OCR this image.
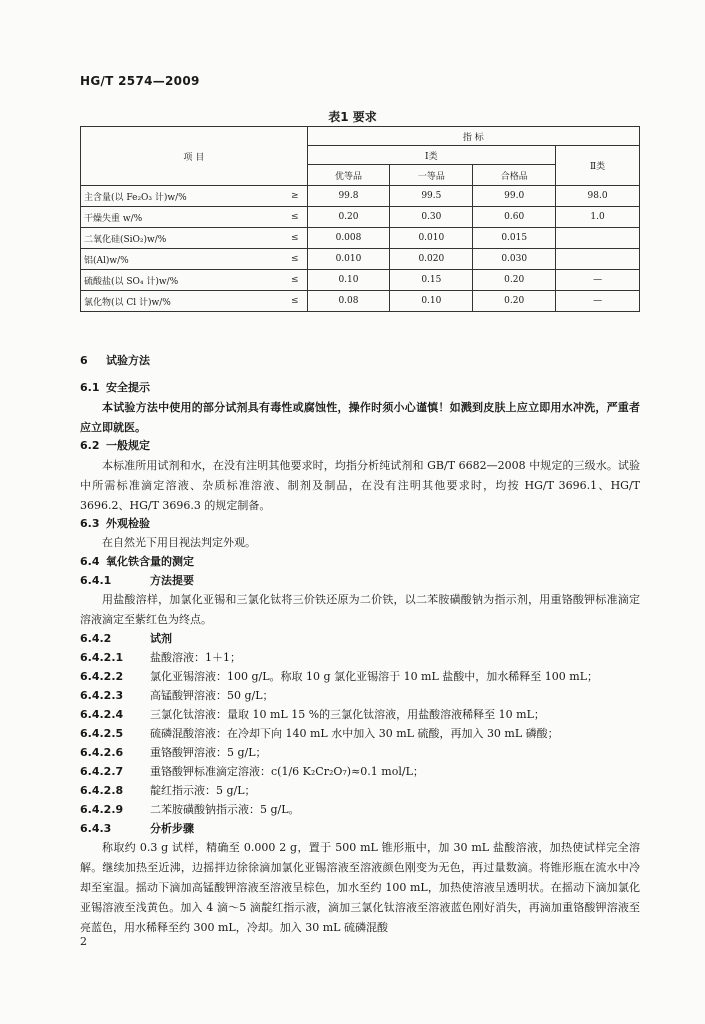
HG/T 2574—2009
表1 要求
项 目		指 标			
		Ⅰ类			Ⅱ类
		优等品	一等品	合格品	
主含量(以 Fe₂O₃ 计)w/%	≥	99.8	99.5	99.0	98.0
干燥失重 w/%	≤	0.20	0.30	0.60	1.0
二氧化硅(SiO₂)w/%	≤	0.008	0.010	0.015	
铝(Al)w/%	≤	0.010	0.020	0.030	
硫酸盐(以 SO₄ 计)w/%	≤	0.10	0.15	0.20	—
氯化物(以 Cl 计)w/%	≤	0.08	0.10	0.20	—
6 试验方法
6.1 安全提示
本试验方法中使用的部分试剂具有毒性或腐蚀性，操作时须小心谨慎！如溅到皮肤上应立即用水冲洗，严重者应立即就医。
6.2 一般规定
本标准所用试剂和水，在没有注明其他要求时，均指分析纯试剂和 GB/T 6682—2008 中规定的三级水。试验中所需标准滴定溶液、杂质标准溶液、制剂及制品，在没有注明其他要求时，均按 HG/T 3696.1、HG/T 3696.2、HG/T 3696.3 的规定制备。
6.3 外观检验
在自然光下用目视法判定外观。
6.4 氧化铁含量的测定
6.4.1	方法提要
用盐酸溶样，加氯化亚锡和三氯化钛将三价铁还原为二价铁，以二苯胺磺酸钠为指示剂，用重铬酸钾标准滴定溶液滴定至紫红色为终点。
6.4.2	试剂
6.4.2.1 盐酸溶液：1＋1；
6.4.2.2 氯化亚锡溶液：100 g/L。称取 10 g 氯化亚锡溶于 10 mL 盐酸中，加水稀释至 100 mL；
6.4.2.3 高锰酸钾溶液：50 g/L；
6.4.2.4 三氯化钛溶液：量取 10 mL 15 %的三氯化钛溶液，用盐酸溶液稀释至 10 mL；
6.4.2.5 硫磷混酸溶液：在冷却下向 140 mL 水中加入 30 mL 硫酸，再加入 30 mL 磷酸；
6.4.2.6 重铬酸钾溶液：5 g/L；
6.4.2.7 重铬酸钾标准滴定溶液：c(1/6 K₂Cr₂O₇)≈0.1 mol/L；
6.4.2.8 靛红指示液：5 g/L；
6.4.2.9 二苯胺磺酸钠指示液：5 g/L。
6.4.3	分析步骤
称取约 0.3 g 试样，精确至 0.000 2 g，置于 500 mL 锥形瓶中，加 30 mL 盐酸溶液，加热使试样完全溶解。继续加热至近沸，边摇拌边徐徐滴加氯化亚锡溶液至溶液颜色刚变为无色，再过量数滴。将锥形瓶在流水中冷却至室温。摇动下滴加高锰酸钾溶液至溶液呈棕色，加水至约 100 mL，加热使溶液呈透明状。在摇动下滴加氯化亚锡溶液至浅黄色。加入 4 滴～5 滴靛红指示液，滴加三氯化钛溶液至溶液蓝色刚好消失，再滴加重铬酸钾溶液至亮蓝色，用水稀释至约 300 mL，冷却。加入 30 mL 硫磷混酸
2
